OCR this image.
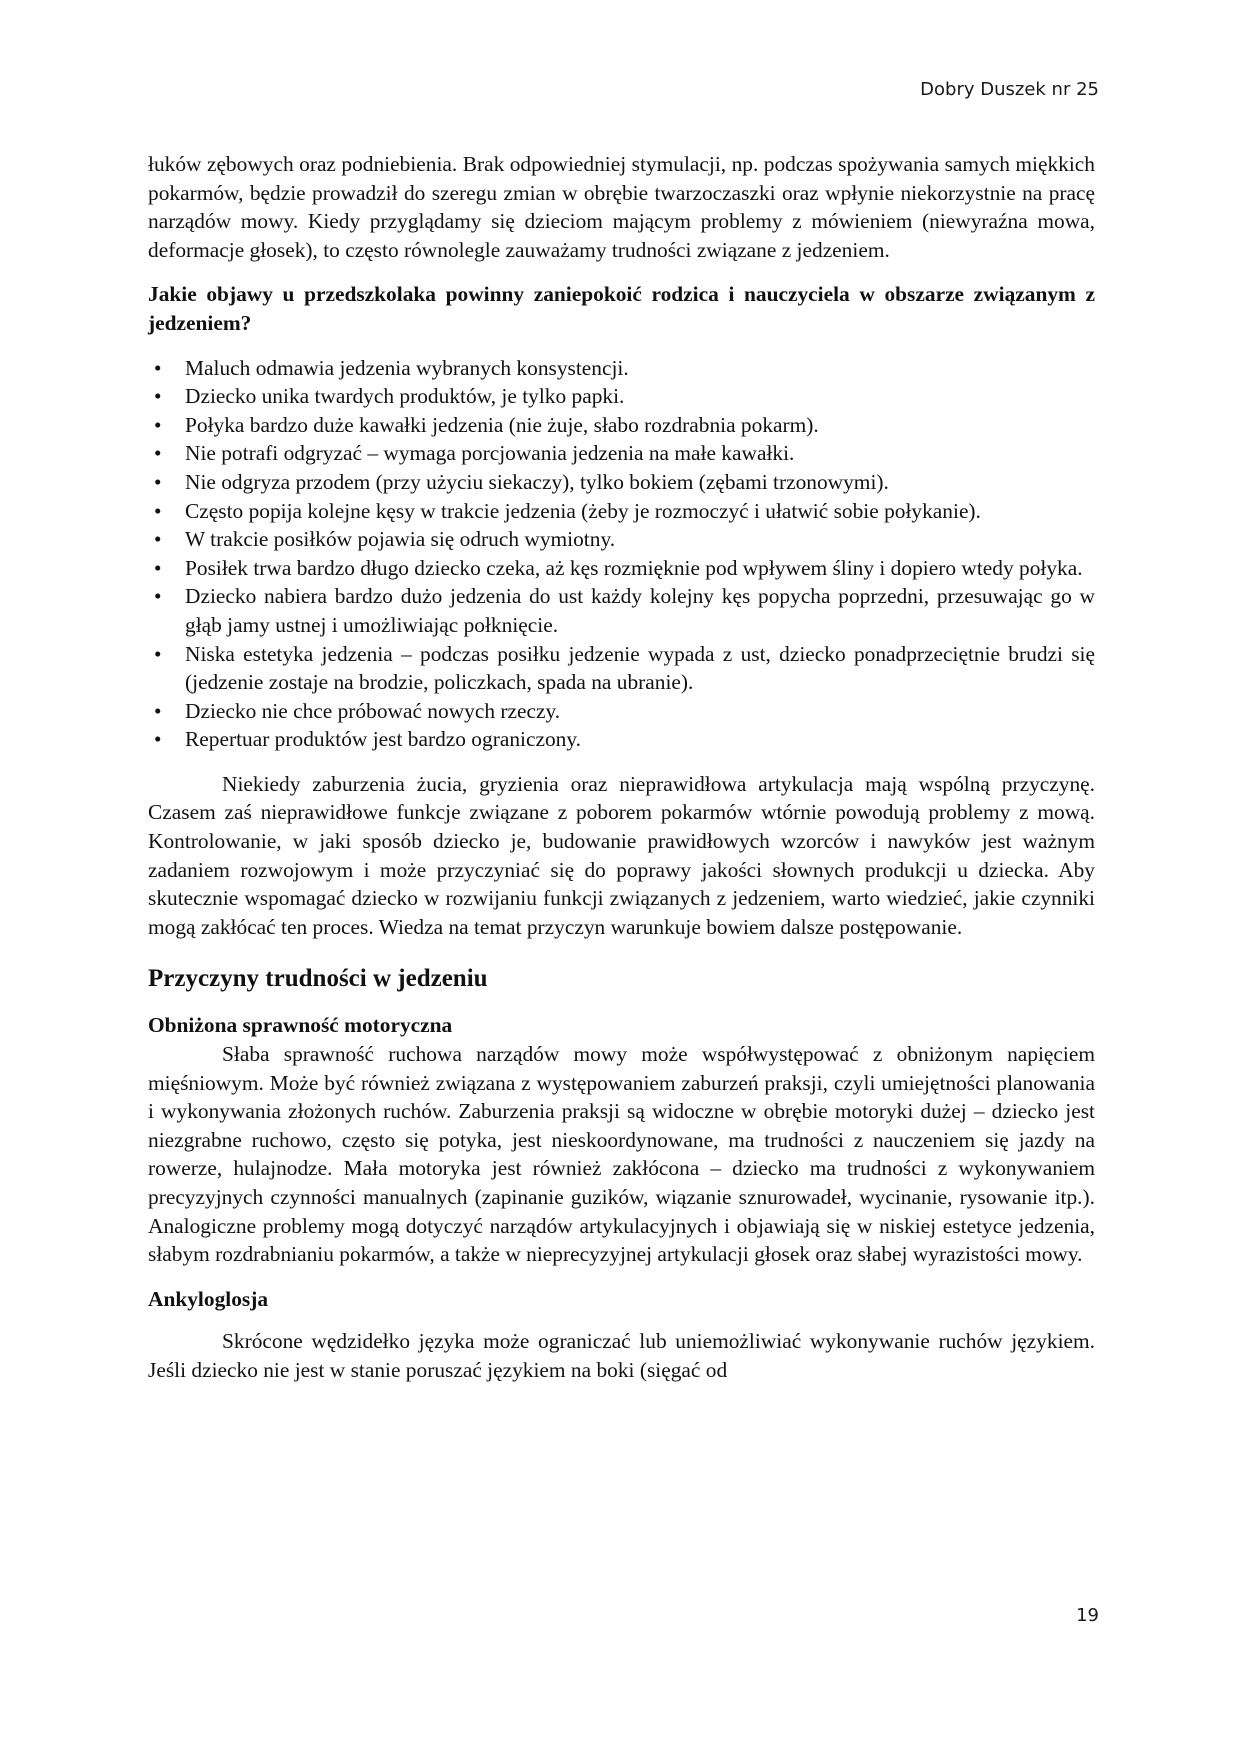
Dobry Duszek nr 25

łuków zębowych oraz podniebienia. Brak odpowiedniej stymulacji, np. podczas spożywania samych miękkich pokarmów, będzie prowadził do szeregu zmian w obrębie twarzoczaszki oraz wpłynie niekorzystnie na pracę narządów mowy. Kiedy przyglądamy się dzieciom mającym problemy z mówieniem (niewyraźna mowa, deformacje głosek), to często równolegle zauważamy trudności związane z jedzeniem.

Jakie objawy u przedszkolaka powinny zaniepokoić rodzica i nauczyciela w obszarze związanym z jedzeniem?

• Maluch odmawia jedzenia wybranych konsystencji.
• Dziecko unika twardych produktów, je tylko papki.
• Połyka bardzo duże kawałki jedzenia (nie żuje, słabo rozdrabnia pokarm).
• Nie potrafi odgryzać – wymaga porcjowania jedzenia na małe kawałki.
• Nie odgryza przodem (przy użyciu siekaczy), tylko bokiem (zębami trzonowymi).
• Często popija kolejne kęsy w trakcie jedzenia (żeby je rozmoczyć i ułatwić sobie połykanie).
• W trakcie posiłków pojawia się odruch wymiotny.
• Posiłek trwa bardzo długo dziecko czeka, aż kęs rozmięknie pod wpływem śliny i dopiero wtedy połyka.
• Dziecko nabiera bardzo dużo jedzenia do ust każdy kolejny kęs popycha poprzedni, przesuwając go w głąb jamy ustnej i umożliwiając połknięcie.
• Niska estetyka jedzenia – podczas posiłku jedzenie wypada z ust, dziecko ponadprzeciętnie brudzi się (jedzenie zostaje na brodzie, policzkach, spada na ubranie).
• Dziecko nie chce próbować nowych rzeczy.
• Repertuar produktów jest bardzo ograniczony.

Niekiedy zaburzenia żucia, gryzienia oraz nieprawidłowa artykulacja mają wspólną przyczynę. Czasem zaś nieprawidłowe funkcje związane z poborem pokarmów wtórnie powodują problemy z mową. Kontrolowanie, w jaki sposób dziecko je, budowanie prawidłowych wzorców i nawyków jest ważnym zadaniem rozwojowym i może przyczyniać się do poprawy jakości słownych produkcji u dziecka. Aby skutecznie wspomagać dziecko w rozwijaniu funkcji związanych z jedzeniem, warto wiedzieć, jakie czynniki mogą zakłócać ten proces. Wiedza na temat przyczyn warunkuje bowiem dalsze postępowanie.

Przyczyny trudności w jedzeniu
Obniżona sprawność motoryczna

Słaba sprawność ruchowa narządów mowy może współwystępować z obniżonym napięciem mięśniowym. Może być również związana z występowaniem zaburzeń praksji, czyli umiejętności planowania i wykonywania złożonych ruchów. Zaburzenia praksji są widoczne w obrębie motoryki dużej – dziecko jest niezgrabne ruchowo, często się potyka, jest nieskoordynowane, ma trudności z nauczeniem się jazdy na rowerze, hulajnodze. Mała motoryka jest również zakłócona – dziecko ma trudności z wykonywaniem precyzyjnych czynności manualnych (zapinanie guzików, wiązanie sznurowadeł, wycinanie, rysowanie itp.). Analogiczne problemy mogą dotyczyć narządów artykulacyjnych i objawiają się w niskiej estetyce jedzenia, słabym rozdrabnianiu pokarmów, a także w nieprecyzyjnej artykulacji głosek oraz słabej wyrazistości mowy.

Ankyloglosja

Skrócone wędzidełko języka może ograniczać lub uniemożliwiać wykonywanie ruchów językiem. Jeśli dziecko nie jest w stanie poruszać językiem na boki (sięgać od

19
